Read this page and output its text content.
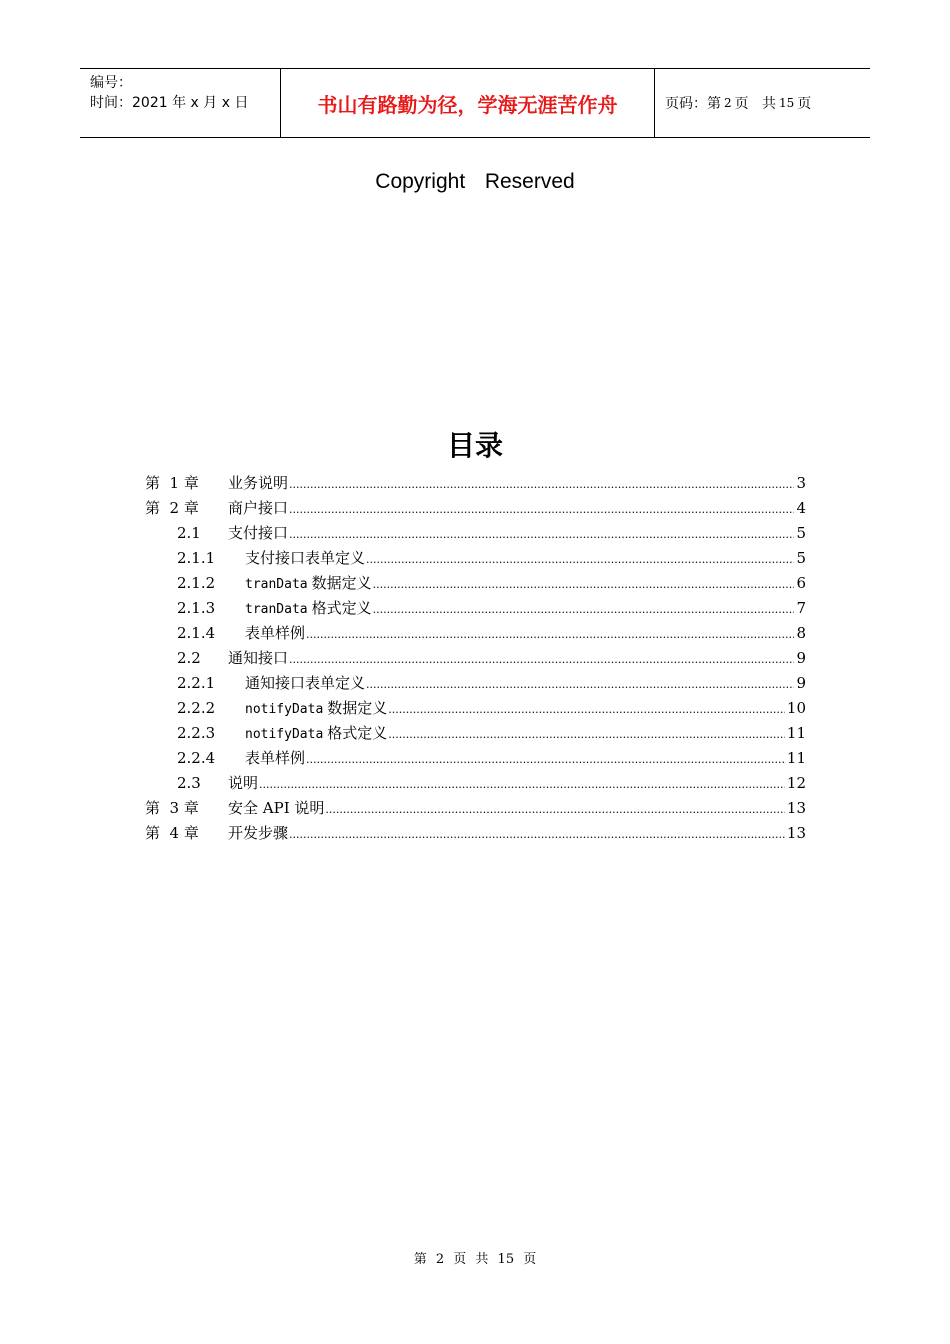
编号：
时间：2021 年 x 月 x 日	书山有路勤为径，学海无涯苦作舟	页码：第 2 页   共 15 页
Copyright  Reserved
目录
第  1 章 业务说明 .....	3
第  2 章 商户接口 .....	4
2.1 支付接口 .....	5
2.1.1 支付接口表单定义 .....	5
2.1.2 tranData 数据定义 .....	6
2.1.3 tranData 格式定义 .....	7
2.1.4 表单样例 .....	8
2.2 通知接口 .....	9
2.2.1 通知接口表单定义 .....	9
2.2.2 notifyData 数据定义 .....	10
2.2.3 notifyData 格式定义 .....	11
2.2.4 表单样例 .....	11
2.3 说明 .....	12
第  3 章 安全 API 说明 .....	13
第  4 章 开发步骤 .....	13
第 2 页 共 15 页
